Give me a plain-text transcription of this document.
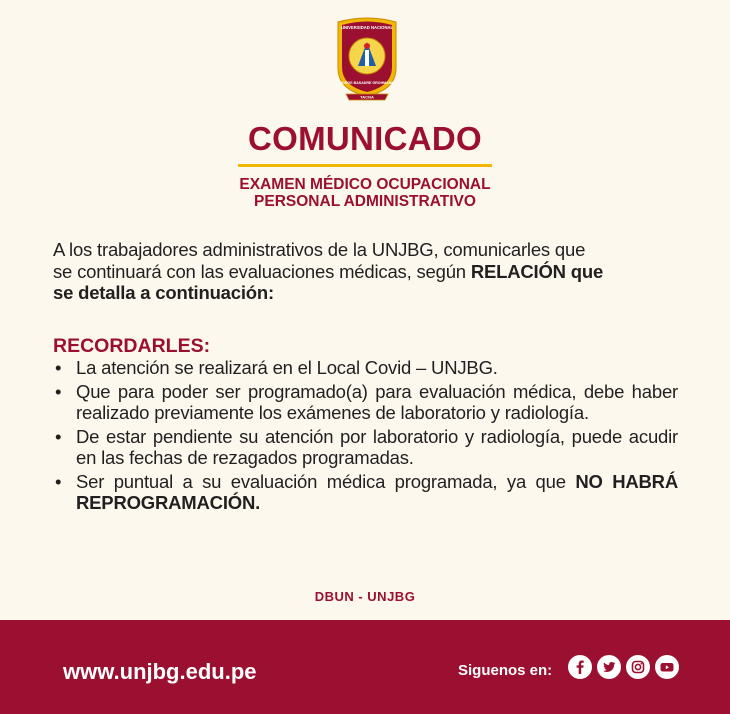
UNIVERSIDAD NACIONAL
JORGE BASADRE GROHMANN
TACNA
COMUNICADO
EXAMEN MÉDICO OCUPACIONAL
PERSONAL ADMINISTRATIVO
A los trabajadores administrativos de la UNJBG, comunicarles que
se continuará con las evaluaciones médicas, según RELACIÓN que
se detalla a continuación:
RECORDARLES:
• La atención se realizará en el Local Covid – UNJBG.
• Que para poder ser programado(a) para evaluación médica, debe haber realizado previamente los exámenes de laboratorio y radiología.
• De estar pendiente su atención por laboratorio y radiología, puede acudir en las fechas de rezagados programadas.
• Ser puntual a su evaluación médica programada, ya que NO HABRÁ REPROGRAMACIÓN.
DBUN - UNJBG
www.unjbg.edu.pe	Siguenos en:
